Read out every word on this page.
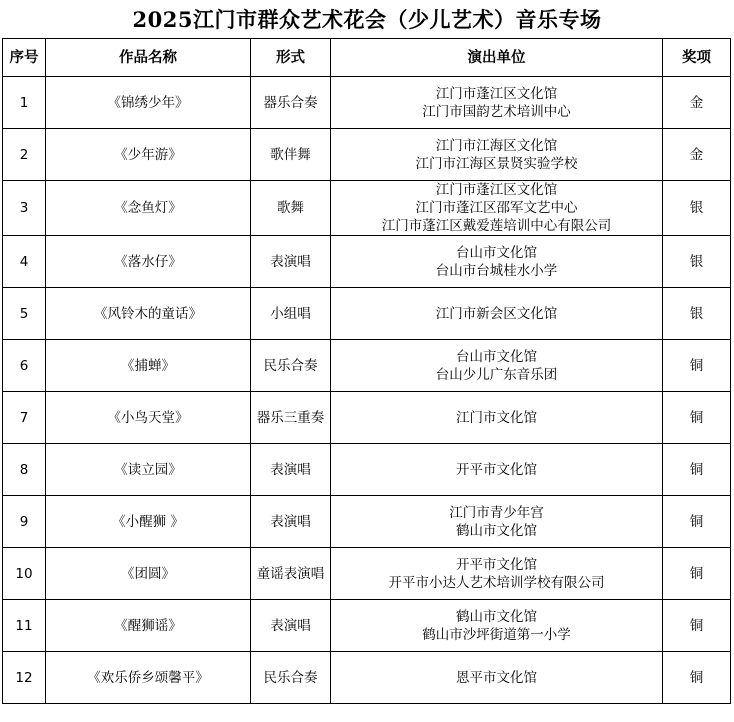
2025江门市群众艺术花会（少儿艺术）音乐专场
序号	作品名称	形式	演出单位	奖项
1	《锦绣少年》	器乐合奏	江门市蓬江区文化馆
江门市国韵艺术培训中心	金
2	《少年游》	歌伴舞	江门市江海区文化馆
江门市江海区景贤实验学校	金
3	《念鱼灯》	歌舞	江门市蓬江区文化馆
江门市蓬江区邵军文艺中心
江门市蓬江区戴爱莲培训中心有限公司	银
4	《落水仔》	表演唱	台山市文化馆
台山市台城桂水小学	银
5	《风铃木的童话》	小组唱	江门市新会区文化馆	银
6	《捕蝉》	民乐合奏	台山市文化馆
台山少儿广东音乐团	铜
7	《小鸟天堂》	器乐三重奏	江门市文化馆	铜
8	《读立园》	表演唱	开平市文化馆	铜
9	《小醒狮 》	表演唱	江门市青少年宫
鹤山市文化馆	铜
10	《团圆》	童谣表演唱	开平市文化馆
开平市小达人艺术培训学校有限公司	铜
11	《醒狮谣》	表演唱	鹤山市文化馆
鹤山市沙坪街道第一小学	铜
12	《欢乐侨乡颂馨平》	民乐合奏	恩平市文化馆	铜
